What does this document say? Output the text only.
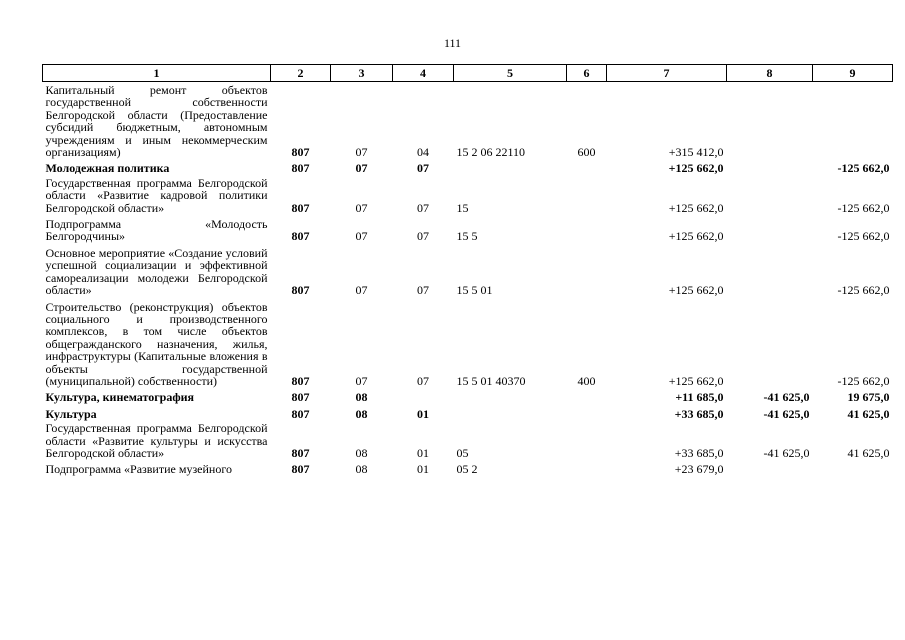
111
1	2	3	4	5	6	7	8	9
Капитальный ремонт объектов государственной собственности Белгородской области (Предоставление субсидий бюджетным, автономным учреждениям и иным некоммерческим организациям)	807	07	04	15 2 06 22110	600	+315 412,0		
Молодежная политика	807	07	07			+125 662,0		-125 662,0
Государственная программа Белгородской области «Развитие кадровой политики Белгородской области»	807	07	07	15		+125 662,0		-125 662,0
Подпрограмма «Молодость Белгородчины»	807	07	07	15 5		+125 662,0		-125 662,0
Основное мероприятие «Создание условий успешной социализации и эффективной самореализации молодежи Белгородской области»	807	07	07	15 5 01		+125 662,0		-125 662,0
Строительство (реконструкция) объектов социального и производственного комплексов, в том числе объектов общегражданского назначения, жилья, инфраструктуры (Капитальные вложения в объекты государственной (муниципальной) собственности)	807	07	07	15 5 01 40370	400	+125 662,0		-125 662,0
Культура, кинематография	807	08				+11 685,0	-41 625,0	19 675,0
Культура	807	08	01			+33 685,0	-41 625,0	41 625,0
Государственная программа Белгородской области «Развитие культуры и искусства Белгородской области»	807	08	01	05		+33 685,0	-41 625,0	41 625,0
Подпрограмма «Развитие музейного	807	08	01	05 2		+23 679,0		
